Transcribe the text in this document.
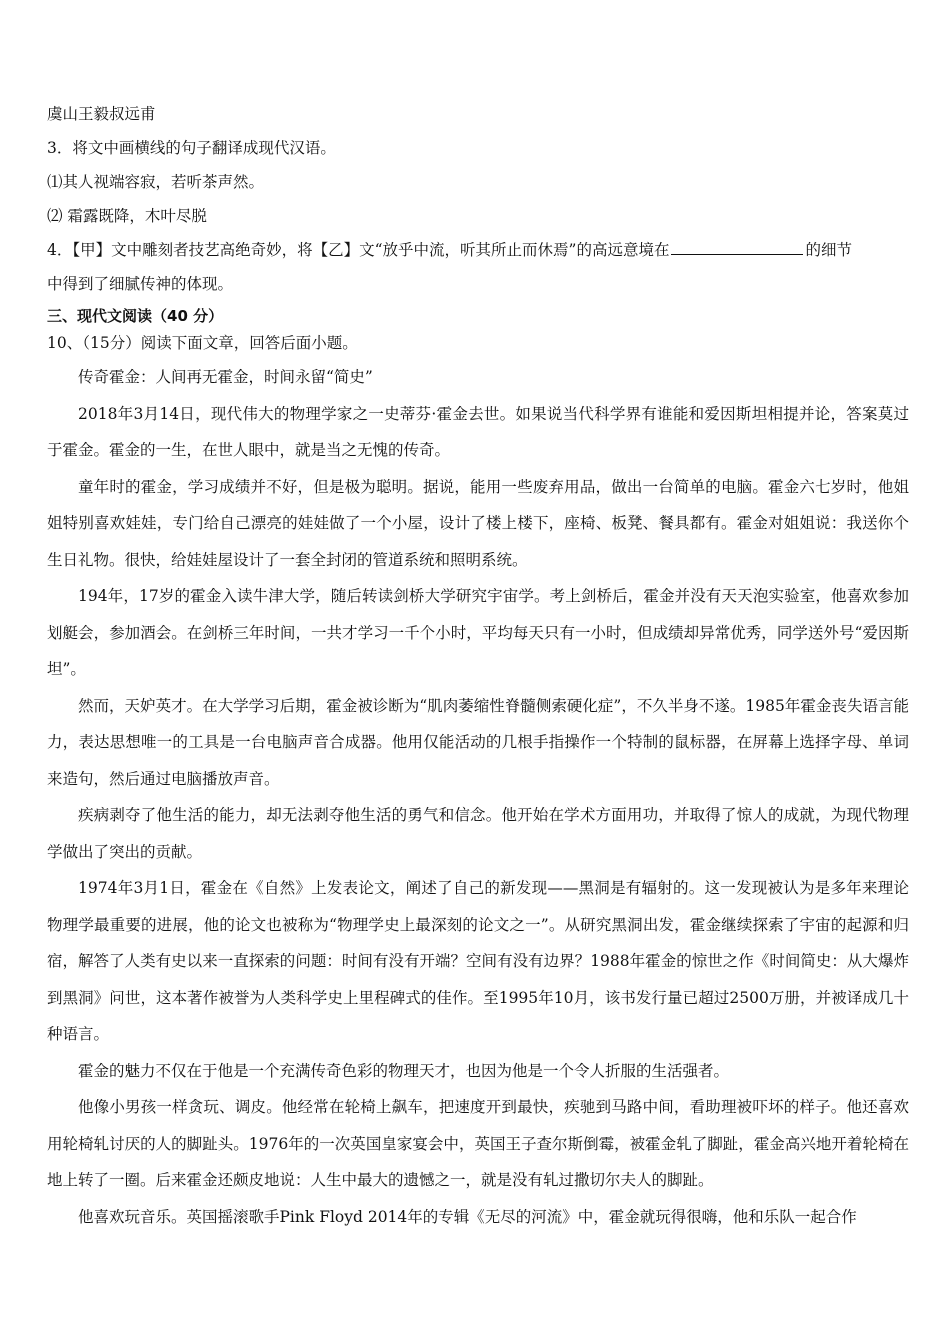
虞山王毅叔远甫

3．将文中画横线的句子翻译成现代汉语。

⑴其人视端容寂，若听茶声然。

⑵ 霜露既降，木叶尽脱

4．【甲】文中雕刻者技艺高绝奇妙，将【乙】文“放乎中流，听其所止而休焉”的高远意境在	的细节

中得到了细腻传神的体现。

三、现代文阅读（40 分）

10、（15分）阅读下面文章，回答后面小题。

传奇霍金：人间再无霍金，时间永留“简史”

2018年3月14日，现代伟大的物理学家之一史蒂芬·霍金去世。如果说当代科学界有谁能和爱因斯坦相提并论，答案莫过于霍金。霍金的一生，在世人眼中，就是当之无愧的传奇。

童年时的霍金，学习成绩并不好，但是极为聪明。据说，能用一些废弃用品，做出一台简单的电脑。霍金六七岁时，他姐姐特别喜欢娃娃，专门给自己漂亮的娃娃做了一个小屋，设计了楼上楼下，座椅、板凳、餐具都有。霍金对姐姐说：我送你个生日礼物。很快，给娃娃屋设计了一套全封闭的管道系统和照明系统。

194年，17岁的霍金入读牛津大学，随后转读剑桥大学研究宇宙学。考上剑桥后，霍金并没有天天泡实验室，他喜欢参加划艇会，参加酒会。在剑桥三年时间，一共才学习一千个小时，平均每天只有一小时，但成绩却异常优秀，同学送外号“爱因斯坦”。

然而，天妒英才。在大学学习后期，霍金被诊断为“肌肉萎缩性脊髓侧索硬化症”，不久半身不遂。1985年霍金丧失语言能力，表达思想唯一的工具是一台电脑声音合成器。他用仅能活动的几根手指操作一个特制的鼠标器，在屏幕上选择字母、单词来造句，然后通过电脑播放声音。

疾病剥夺了他生活的能力，却无法剥夺他生活的勇气和信念。他开始在学术方面用功，并取得了惊人的成就，为现代物理学做出了突出的贡献。

1974年3月1日，霍金在《自然》上发表论文，阐述了自己的新发现——黑洞是有辐射的。这一发现被认为是多年来理论物理学最重要的进展，他的论文也被称为“物理学史上最深刻的论文之一”。从研究黑洞出发，霍金继续探索了宇宙的起源和归宿，解答了人类有史以来一直探索的问题：时间有没有开端？空间有没有边界？1988年霍金的惊世之作《时间简史：从大爆炸到黑洞》问世，这本著作被誉为人类科学史上里程碑式的佳作。至1995年10月，该书发行量已超过2500万册，并被译成几十种语言。

霍金的魅力不仅在于他是一个充满传奇色彩的物理天才，也因为他是一个令人折服的生活强者。

他像小男孩一样贪玩、调皮。他经常在轮椅上飙车，把速度开到最快，疾驰到马路中间，看助理被吓坏的样子。他还喜欢用轮椅轧讨厌的人的脚趾头。1976年的一次英国皇家宴会中，英国王子查尔斯倒霉，被霍金轧了脚趾，霍金高兴地开着轮椅在地上转了一圈。后来霍金还颇皮地说：人生中最大的遗憾之一，就是没有轧过撒切尔夫人的脚趾。

他喜欢玩音乐。英国摇滚歌手Pink Floyd 2014年的专辑《无尽的河流》中，霍金就玩得很嗨，他和乐队一起合作
